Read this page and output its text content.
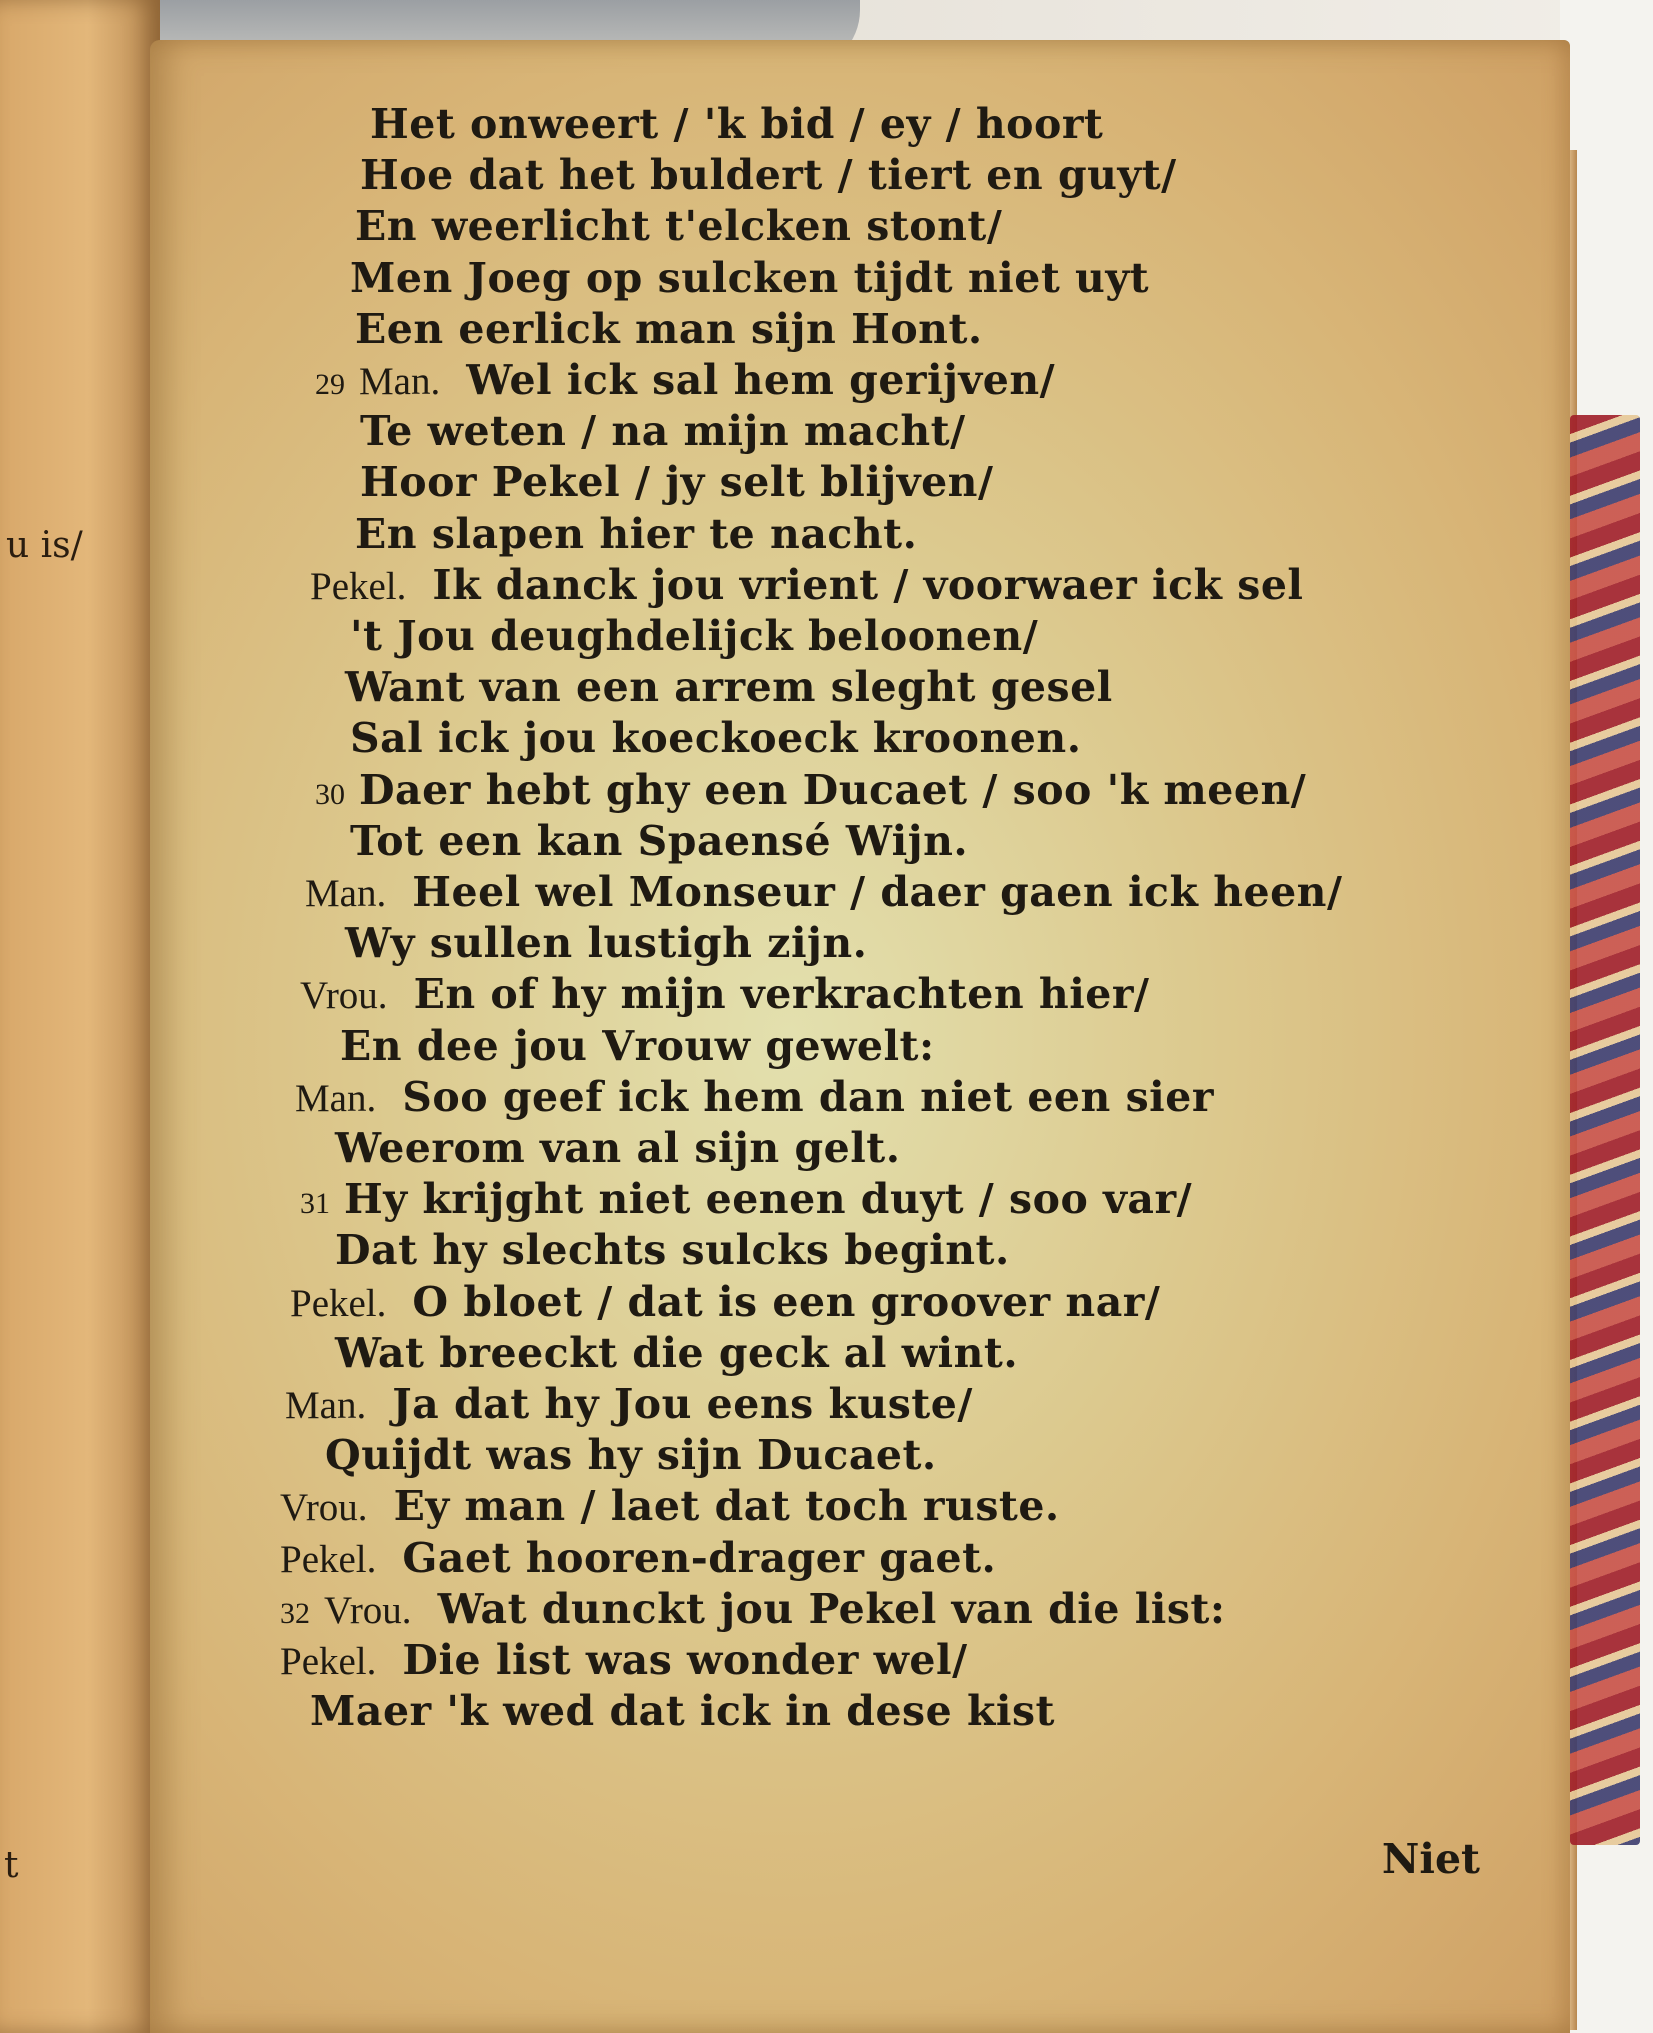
u is/
t
Het onweert / 'k bid / ey / hoort
Hoe dat het buldert / tiert en guyt/
En weerlicht t'elcken stont/
Men Joeg op sulcken tijdt niet uyt
Een eerlick man sijn Hont.
29 Man. Wel ick sal hem gerijven/
Te weten / na mijn macht/
Hoor Pekel / jy selt blijven/
En slapen hier te nacht.
Pekel. Ik danck jou vrient / voorwaer ick sel
't Jou deughdelijck beloonen/
Want van een arrem sleght gesel
Sal ick jou koeckoeck kroonen.
30 Daer hebt ghy een Ducaet / soo 'k meen/
Tot een kan Spaensé Wijn.
Man. Heel wel Monseur / daer gaen ick heen/
Wy sullen lustigh zijn.
Vrou. En of hy mijn verkrachten hier/
En dee jou Vrouw gewelt:
Man. Soo geef ick hem dan niet een sier
Weerom van al sijn gelt.
31 Hy krijght niet eenen duyt / soo var/
Dat hy slechts sulcks begint.
Pekel. O bloet / dat is een groover nar/
Wat breeckt die geck al wint.
Man. Ja dat hy Jou eens kuste/
Quijdt was hy sijn Ducaet.
Vrou. Ey man / laet dat toch ruste.
Pekel. Gaet hooren-drager gaet.
32 Vrou. Wat dunckt jou Pekel van die list:
Pekel. Die list was wonder wel/
Maer 'k wed dat ick in dese kist
Niet
